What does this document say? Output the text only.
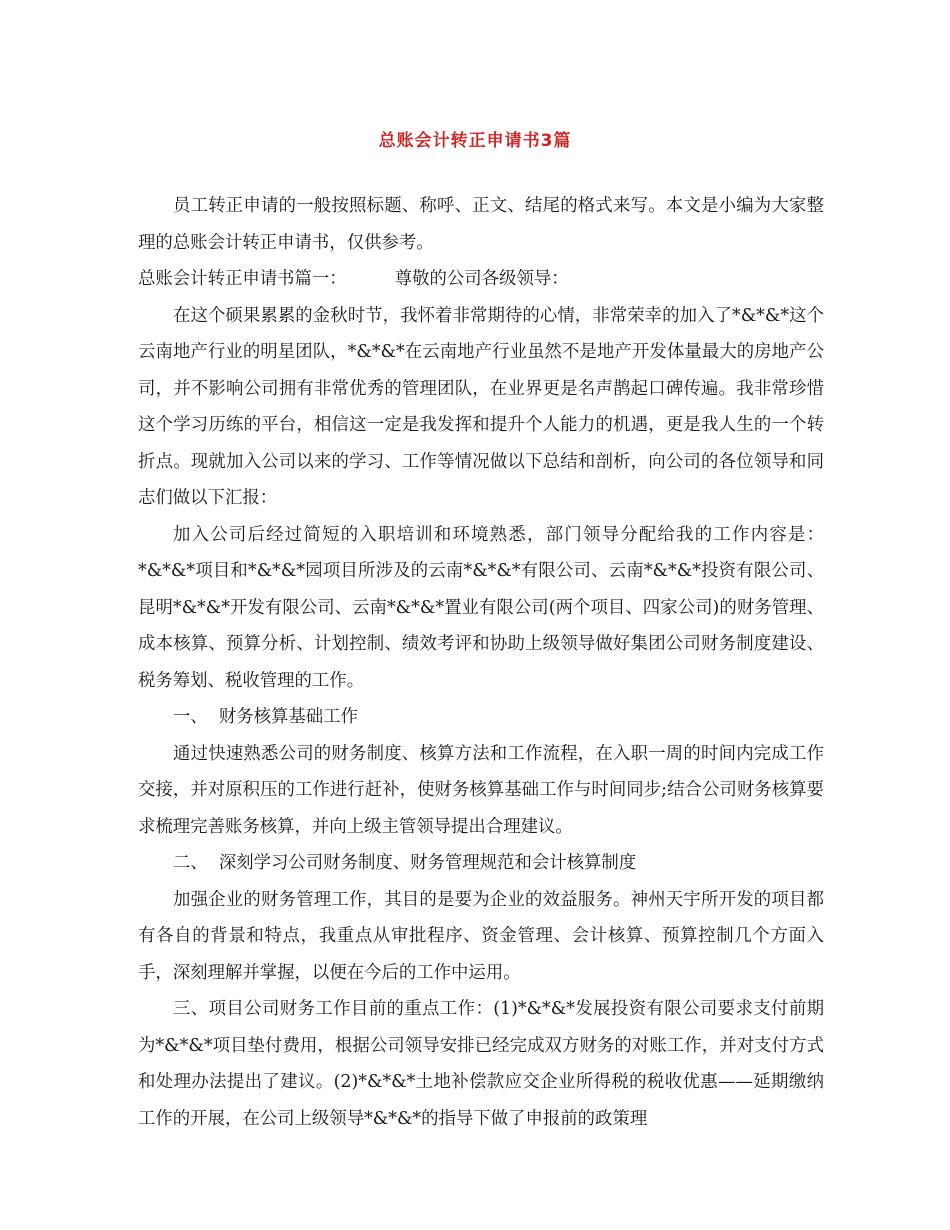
总账会计转正申请书3篇

员工转正申请的一般按照标题、称呼、正文、结尾的格式来写。本文是小编为大家整理的总账会计转正申请书，仅供参考。

总账会计转正申请书篇一：	尊敬的公司各级领导：

在这个硕果累累的金秋时节，我怀着非常期待的心情，非常荣幸的加入了*&*&*这个云南地产行业的明星团队，*&*&*在云南地产行业虽然不是地产开发体量最大的房地产公司，并不影响公司拥有非常优秀的管理团队，在业界更是名声鹊起口碑传遍。我非常珍惜这个学习历练的平台，相信这一定是我发挥和提升个人能力的机遇，更是我人生的一个转折点。现就加入公司以来的学习、工作等情况做以下总结和剖析，向公司的各位领导和同志们做以下汇报：

加入公司后经过简短的入职培训和环境熟悉，部门领导分配给我的工作内容是：*&*&*项目和*&*&*园项目所涉及的云南*&*&*有限公司、云南*&*&*投资有限公司、昆明*&*&*开发有限公司、云南*&*&*置业有限公司(两个项目、四家公司)的财务管理、成本核算、预算分析、计划控制、绩效考评和协助上级领导做好集团公司财务制度建设、税务筹划、税收管理的工作。

一、  财务核算基础工作

通过快速熟悉公司的财务制度、核算方法和工作流程，在入职一周的时间内完成工作交接，并对原积压的工作进行赶补，使财务核算基础工作与时间同步;结合公司财务核算要求梳理完善账务核算，并向上级主管领导提出合理建议。

二、  深刻学习公司财务制度、财务管理规范和会计核算制度

加强企业的财务管理工作，其目的是要为企业的效益服务。神州天宇所开发的项目都有各自的背景和特点，我重点从审批程序、资金管理、会计核算、预算控制几个方面入手，深刻理解并掌握，以便在今后的工作中运用。

三、项目公司财务工作目前的重点工作：(1)*&*&*发展投资有限公司要求支付前期为*&*&*项目垫付费用，根据公司领导安排已经完成双方财务的对账工作，并对支付方式和处理办法提出了建议。(2)*&*&*土地补偿款应交企业所得税的税收优惠——延期缴纳工作的开展，在公司上级领导*&*&*的指导下做了申报前的政策理
